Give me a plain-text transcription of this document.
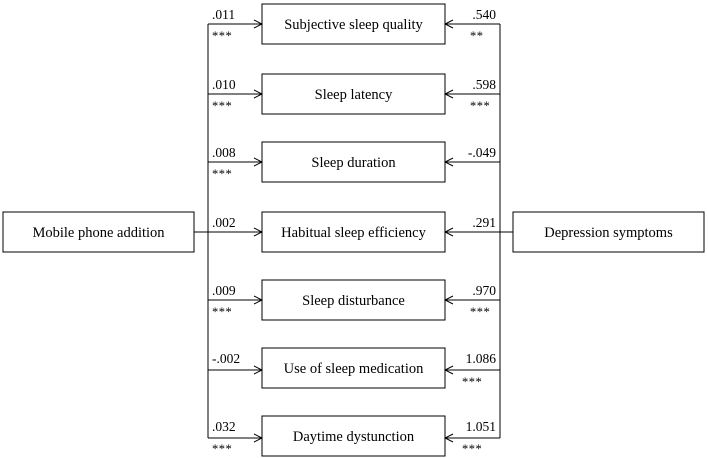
Mobile phone addition	Depression symptoms
Subjective sleep quality
.011
***
.540
**
Sleep latency
.010
***
.598
***
Sleep duration
.008
***
-.049
Habitual sleep efficiency
.002	.291
Sleep disturbance
.009
***
.970
***
Use of sleep medication
-.002	1.086
***
Daytime dystunction
.032
***
1.051
***
